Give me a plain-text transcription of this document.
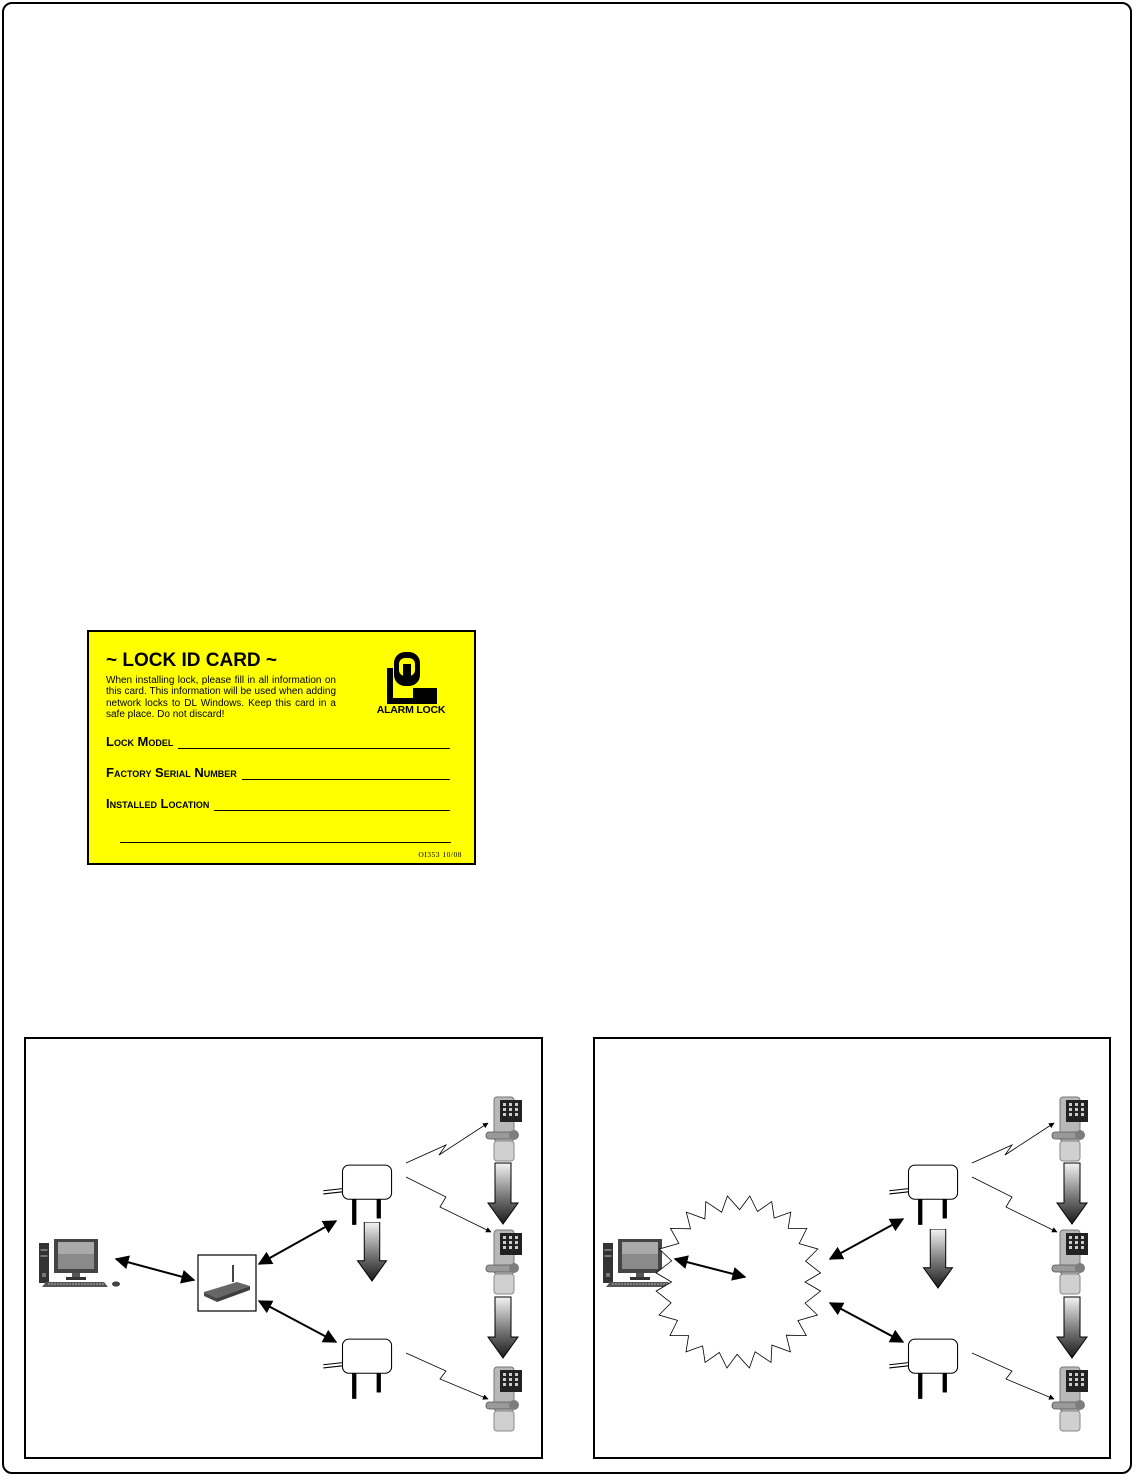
~ LOCK ID CARD ~
When installing lock, please fill in all information on this card. This information will be used when adding network locks to DL Windows. Keep this card in a safe place. Do not discard!	ALARM LOCK
Lock Model
Factory Serial Number
Installed Location
OI353 10/08
